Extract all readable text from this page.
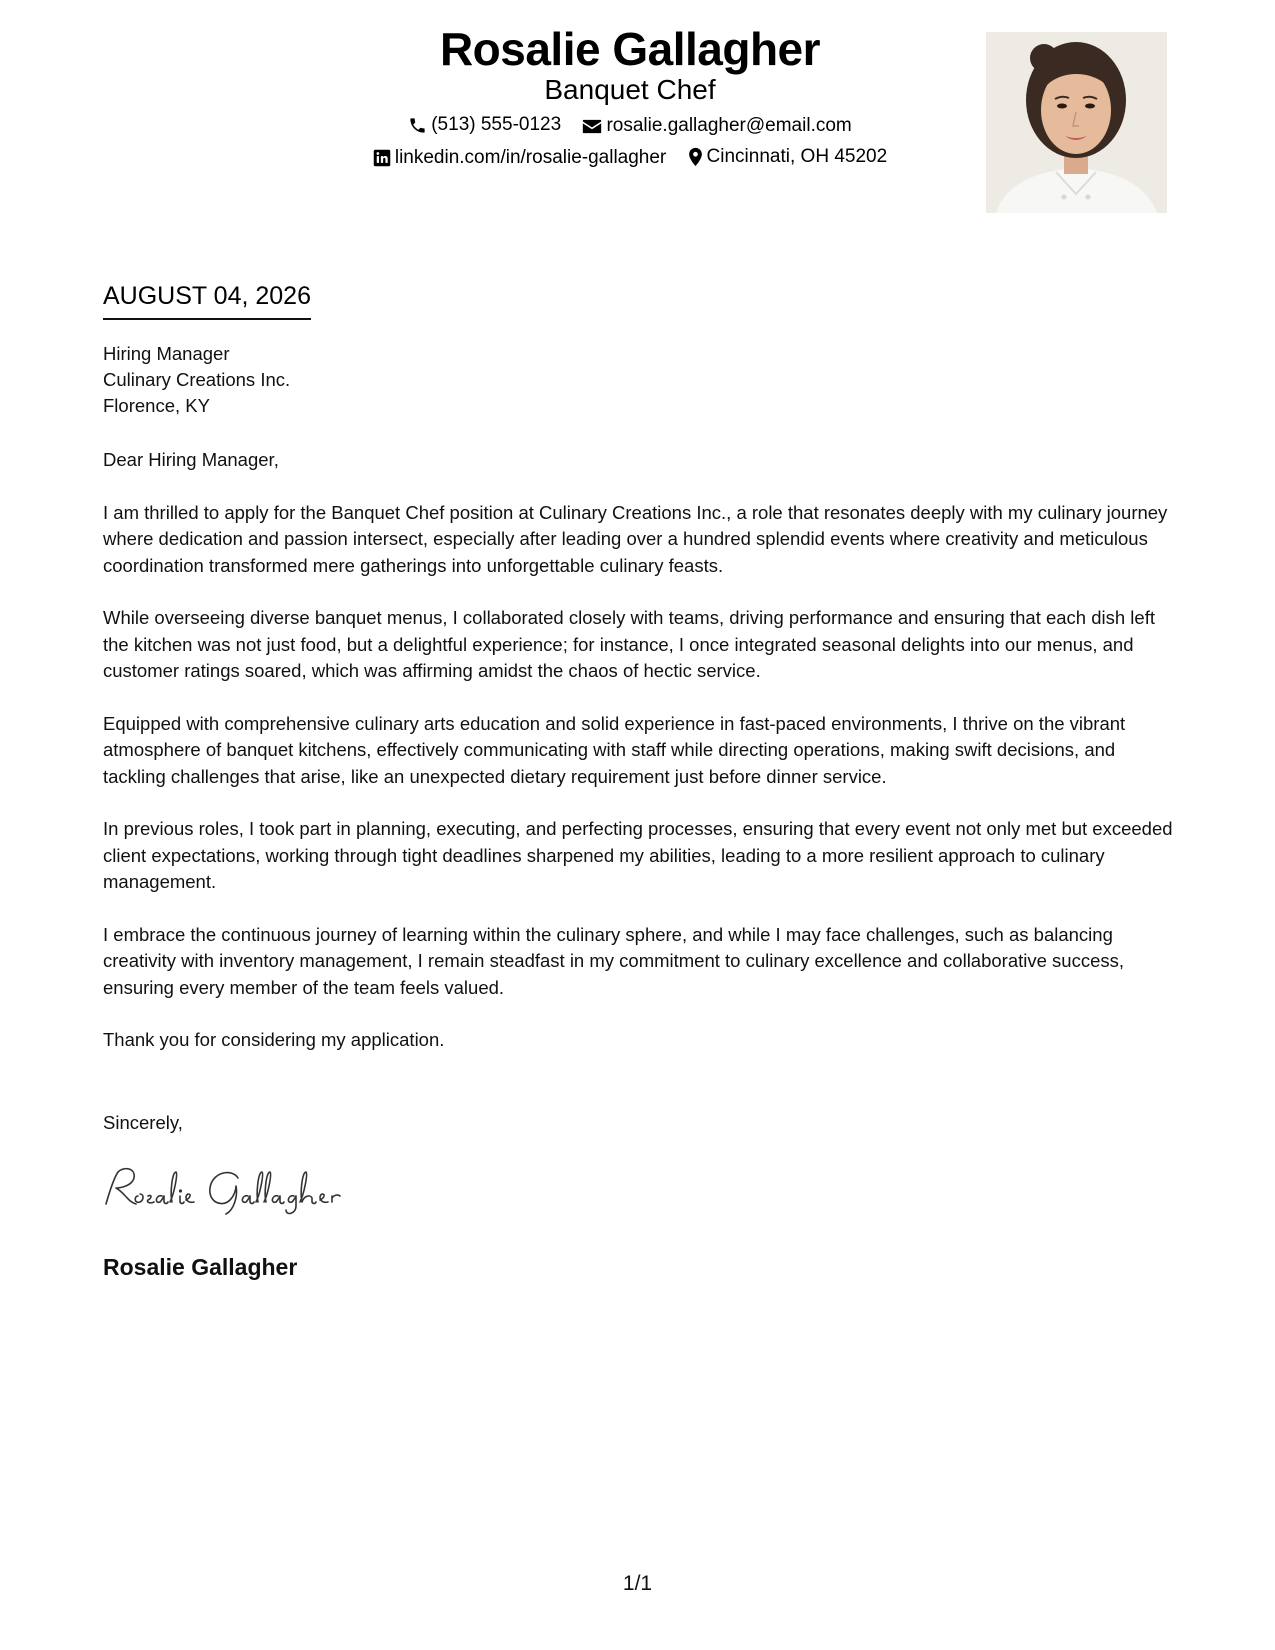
Rosalie Gallagher
Banquet Chef
(513) 555-0123
rosalie.gallagher@email.com
linkedin.com/in/rosalie-gallagher
Cincinnati, OH 45202
AUGUST 04, 2026
Hiring Manager
Culinary Creations Inc.
Florence, KY

Dear Hiring Manager,

I am thrilled to apply for the Banquet Chef position at Culinary Creations Inc., a role that resonates deeply with my culinary journey where dedication and passion intersect, especially after leading over a hundred splendid events where creativity and meticulous coordination transformed mere gatherings into unforgettable culinary feasts.

While overseeing diverse banquet menus, I collaborated closely with teams, driving performance and ensuring that each dish left the kitchen was not just food, but a delightful experience; for instance, I once integrated seasonal delights into our menus, and customer ratings soared, which was affirming amidst the chaos of hectic service.

Equipped with comprehensive culinary arts education and solid experience in fast-paced environments, I thrive on the vibrant atmosphere of banquet kitchens, effectively communicating with staff while directing operations, making swift decisions, and tackling challenges that arise, like an unexpected dietary requirement just before dinner service.

In previous roles, I took part in planning, executing, and perfecting processes, ensuring that every event not only met but exceeded client expectations, working through tight deadlines sharpened my abilities, leading to a more resilient approach to culinary management.

I embrace the continuous journey of learning within the culinary sphere, and while I may face challenges, such as balancing creativity with inventory management, I remain steadfast in my commitment to culinary excellence and collaborative success, ensuring every member of the team feels valued.

Thank you for considering my application.

Sincerely,
Rosalie Gallagher
1/1
